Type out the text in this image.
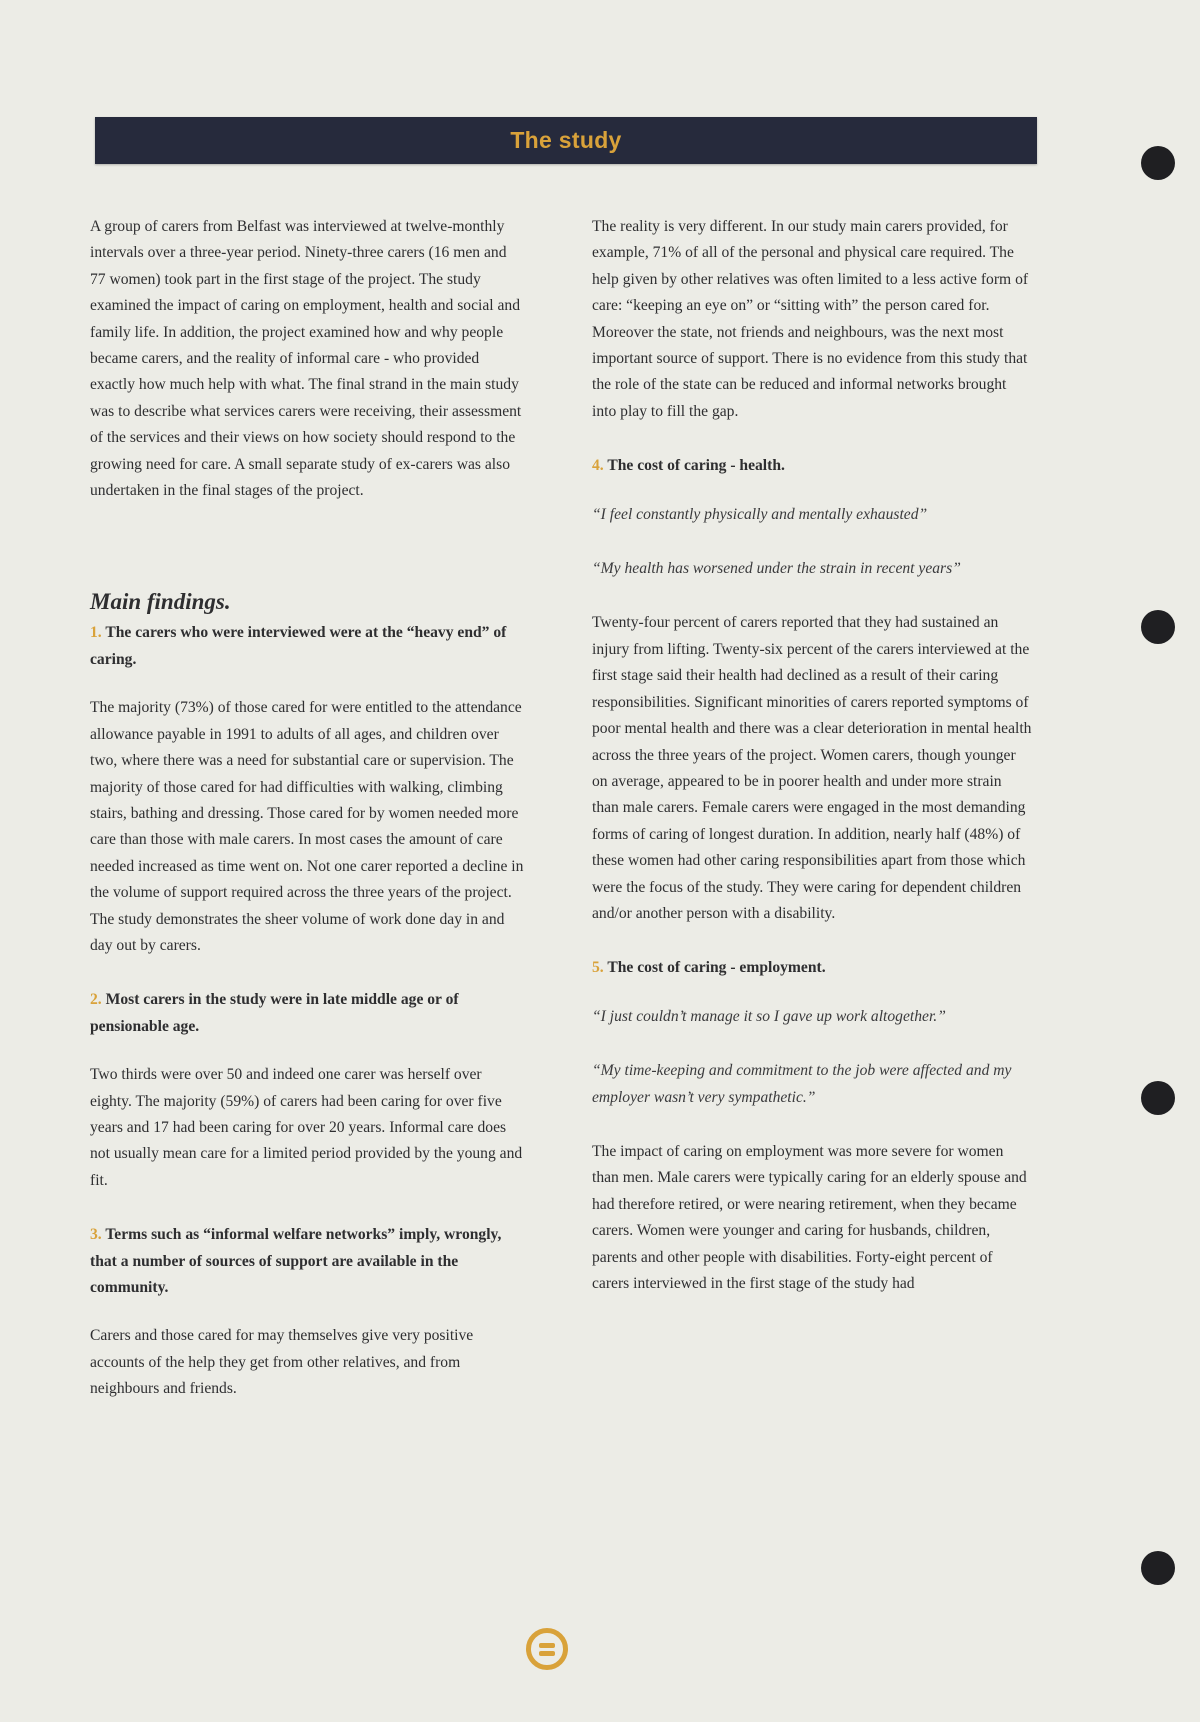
The study

A group of carers from Belfast was interviewed at twelve-monthly intervals over a three-year period. Ninety-three carers (16 men and 77 women) took part in the first stage of the project. The study examined the impact of caring on employment, health and social and family life. In addition, the project examined how and why people became carers, and the reality of informal care - who provided exactly how much help with what. The final strand in the main study was to describe what services carers were receiving, their assessment of the services and their views on how society should respond to the growing need for care. A small separate study of ex-carers was also undertaken in the final stages of the project.

Main findings.
1. The carers who were interviewed were at the “heavy end” of caring.

The majority (73%) of those cared for were entitled to the attendance allowance payable in 1991 to adults of all ages, and children over two, where there was a need for substantial care or supervision. The majority of those cared for had difficulties with walking, climbing stairs, bathing and dressing. Those cared for by women needed more care than those with male carers. In most cases the amount of care needed increased as time went on. Not one carer reported a decline in the volume of support required across the three years of the project. The study demonstrates the sheer volume of work done day in and day out by carers.

2. Most carers in the study were in late middle age or of pensionable age.

Two thirds were over 50 and indeed one carer was herself over eighty. The majority (59%) of carers had been caring for over five years and 17 had been caring for over 20 years. Informal care does not usually mean care for a limited period provided by the young and fit.

3. Terms such as “informal welfare networks” imply, wrongly, that a number of sources of support are available in the community.

Carers and those cared for may themselves give very positive accounts of the help they get from other relatives, and from neighbours and friends.

The reality is very different. In our study main carers provided, for example, 71% of all of the personal and physical care required. The help given by other relatives was often limited to a less active form of care: “keeping an eye on” or “sitting with” the person cared for. Moreover the state, not friends and neighbours, was the next most important source of support. There is no evidence from this study that the role of the state can be reduced and informal networks brought into play to fill the gap.

4. The cost of caring - health.

“I feel constantly physically and mentally exhausted”

“My health has worsened under the strain in recent years”

Twenty-four percent of carers reported that they had sustained an injury from lifting. Twenty-six percent of the carers interviewed at the first stage said their health had declined as a result of their caring responsibilities. Significant minorities of carers reported symptoms of poor mental health and there was a clear deterioration in mental health across the three years of the project. Women carers, though younger on average, appeared to be in poorer health and under more strain than male carers. Female carers were engaged in the most demanding forms of caring of longest duration. In addition, nearly half (48%) of these women had other caring responsibilities apart from those which were the focus of the study. They were caring for dependent children and/or another person with a disability.

5. The cost of caring - employment.

“I just couldn’t manage it so I gave up work altogether.”

“My time-keeping and commitment to the job were affected and my employer wasn’t very sympathetic.”

The impact of caring on employment was more severe for women than men. Male carers were typically caring for an elderly spouse and had therefore retired, or were nearing retirement, when they became carers. Women were younger and caring for husbands, children, parents and other people with disabilities. Forty-eight percent of carers interviewed in the first stage of the study had
